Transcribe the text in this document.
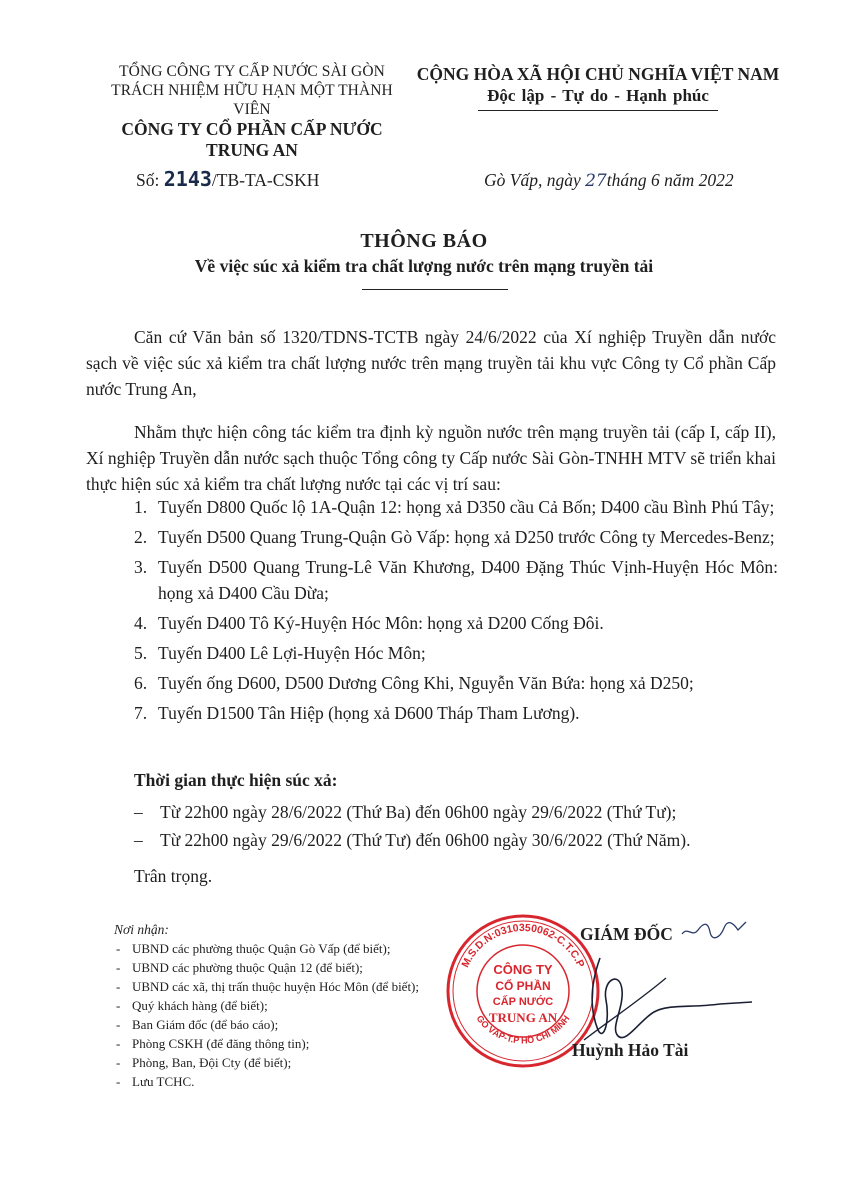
TỔNG CÔNG TY CẤP NƯỚC SÀI GÒN
TRÁCH NHIỆM HỮU HẠN MỘT THÀNH VIÊN
CÔNG TY CỔ PHẦN CẤP NƯỚC
TRUNG AN
CỘNG HÒA XÃ HỘI CHỦ NGHĨA VIỆT NAM
Độc lập - Tự do - Hạnh phúc
Số: 2143/TB-TA-CSKH	Gò Vấp, ngày 27tháng 6 năm 2022
THÔNG BÁO
Về việc súc xả kiểm tra chất lượng nước trên mạng truyền tải
Căn cứ Văn bản số 1320/TDNS-TCTB ngày 24/6/2022 của Xí nghiệp Truyền dẫn nước sạch về việc súc xả kiểm tra chất lượng nước trên mạng truyền tải khu vực Công ty Cổ phần Cấp nước Trung An,
Nhằm thực hiện công tác kiểm tra định kỳ nguồn nước trên mạng truyền tải (cấp I, cấp II), Xí nghiệp Truyền dẫn nước sạch thuộc Tổng công ty Cấp nước Sài Gòn-TNHH MTV sẽ triển khai thực hiện súc xả kiểm tra chất lượng nước tại các vị trí sau:
1. Tuyến D800 Quốc lộ 1A-Quận 12: họng xả D350 cầu Cả Bốn; D400 cầu Bình Phú Tây;
2. Tuyến D500 Quang Trung-Quận Gò Vấp: họng xả D250 trước Công ty Mercedes-Benz;
3. Tuyến D500 Quang Trung-Lê Văn Khương, D400 Đặng Thúc Vịnh-Huyện Hóc Môn: họng xả D400 Cầu Dừa;
4. Tuyến D400 Tô Ký-Huyện Hóc Môn: họng xả D200 Cống Đôi.
5. Tuyến D400 Lê Lợi-Huyện Hóc Môn;
6. Tuyến ống D600, D500 Dương Công Khi, Nguyễn Văn Bứa: họng xả D250;
7. Tuyến D1500 Tân Hiệp (họng xả D600 Tháp Tham Lương).
Thời gian thực hiện súc xả:
– Từ 22h00 ngày 28/6/2022 (Thứ Ba) đến 06h00 ngày 29/6/2022 (Thứ Tư);
– Từ 22h00 ngày 29/6/2022 (Thứ Tư) đến 06h00 ngày 30/6/2022 (Thứ Năm).
Trân trọng.
Nơi nhận:
- UBND các phường thuộc Quận Gò Vấp (để biết);
- UBND các phường thuộc Quận 12 (để biết);
- UBND các xã, thị trấn thuộc huyện Hóc Môn (để biết);
- Quý khách hàng (để biết);
- Ban Giám đốc (để báo cáo);
- Phòng CSKH (để đăng thông tin);
- Phòng, Ban, Đội Cty (để biết);
- Lưu TCHC.
GIÁM ĐỐC
M.S.D.N:0310350062-C.T.C.P
GÒ VẤP-T.P HỒ CHÍ MINH
CÔNG TY
CỔ PHẦN
CẤP NƯỚC
TRUNG AN
Huỳnh Hảo Tài
